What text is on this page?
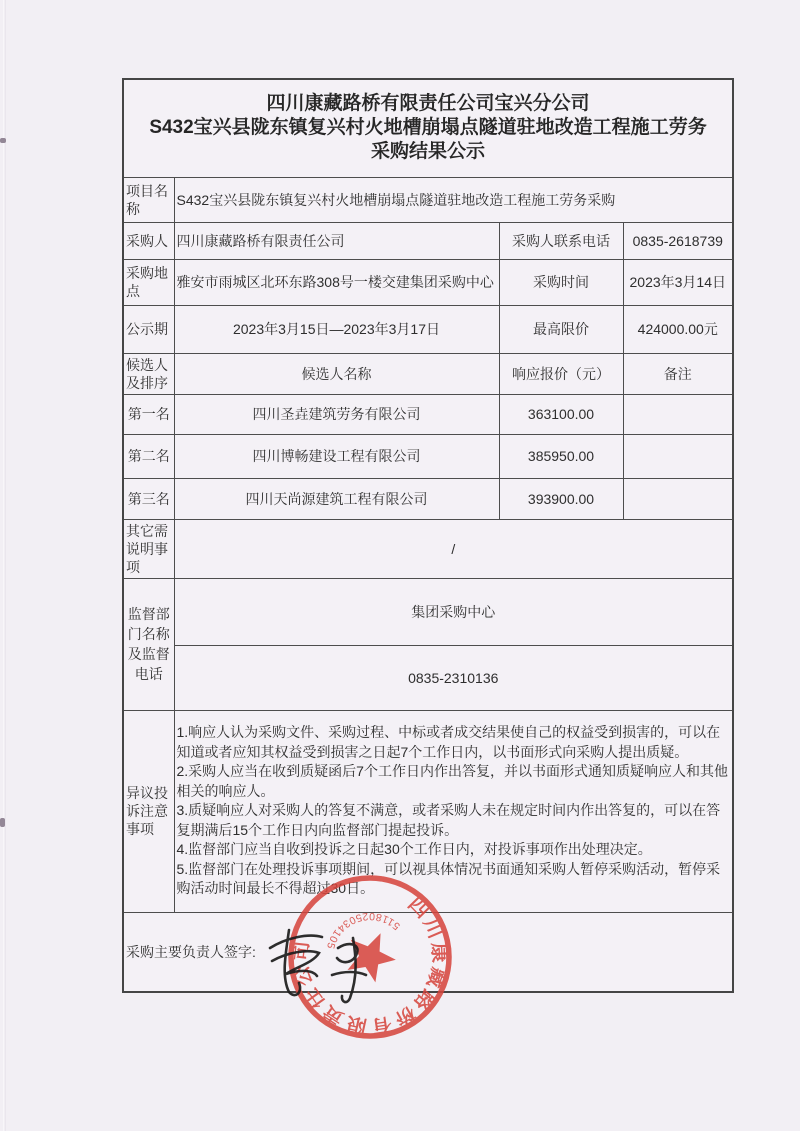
四川康藏路桥有限责任公司宝兴分公司
S432宝兴县陇东镇复兴村火地槽崩塌点隧道驻地改造工程施工劳务
采购结果公示			

项目名称	S432宝兴县陇东镇复兴村火地槽崩塌点隧道驻地改造工程施工劳务采购		
采购人	四川康藏路桥有限责任公司	采购人联系电话	0835-2618739
采购地点	雅安市雨城区北环东路308号一楼交建集团采购中心	采购时间	2023年3月14日
公示期	2023年3月15日—2023年3月17日	最高限价	424000.00元
候选人及排序	候选人名称	响应报价（元）	备注
第一名	四川圣垚建筑劳务有限公司	363100.00	
第二名	四川博畅建设工程有限公司	385950.00	
第三名	四川天尚源建筑工程有限公司	393900.00	
其它需说明事项	/		
监督部门名称及监督电话	集团采购中心		
	0835-2310136		
异议投诉注意事项	1.响应人认为采购文件、采购过程、中标或者成交结果使自己的权益受到损害的，可以在知道或者应知其权益受到损害之日起7个工作日内，以书面形式向采购人提出质疑。
2.采购人应当在收到质疑函后7个工作日内作出答复，并以书面形式通知质疑响应人和其他相关的响应人。
3.质疑响应人对采购人的答复不满意，或者采购人未在规定时间内作出答复的，可以在答复期满后15个工作日内向监督部门提起投诉。
4.监督部门应当自收到投诉之日起30个工作日内，对投诉事项作出处理决定。
5.监督部门在处理投诉事项期间，可以视具体情况书面通知采购人暂停采购活动，暂停采购活动时间最长不得超过30日。		

采购主要负责人签字:			
四川康藏路桥有限责任公司
5118025034105
